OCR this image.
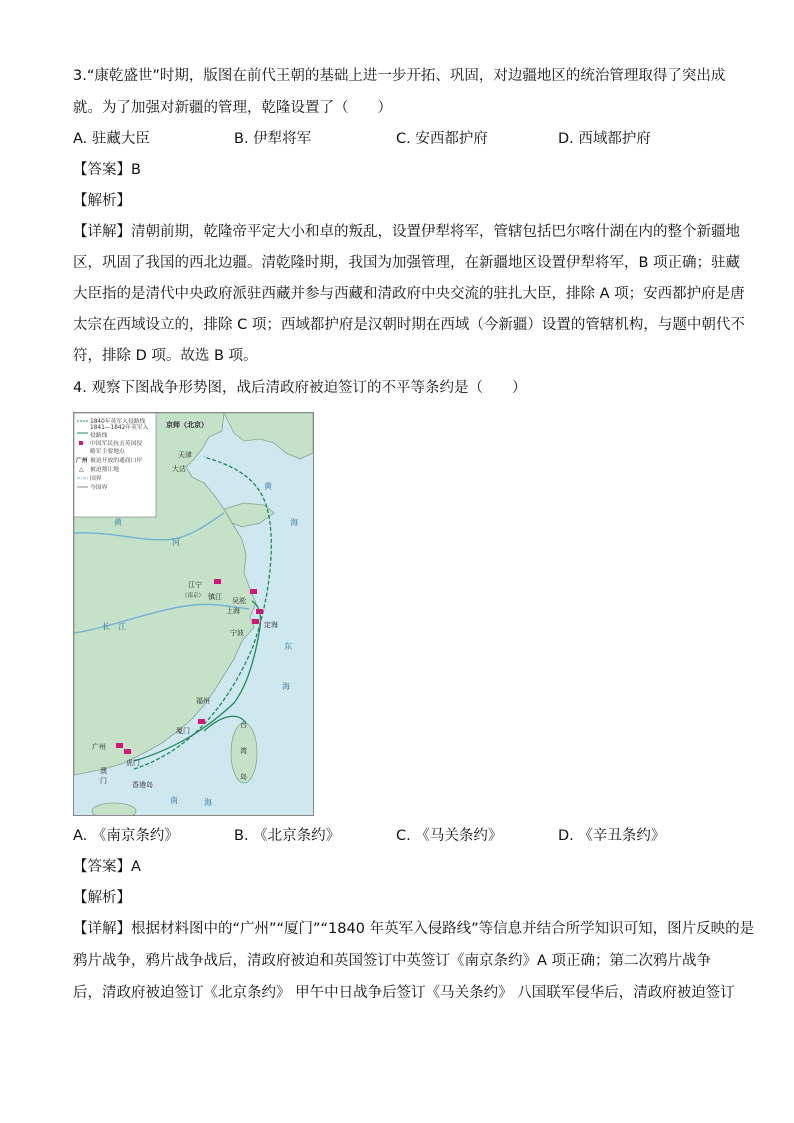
3.“康乾盛世”时期，版图在前代王朝的基础上进一步开拓、巩固，对边疆地区的统治管理取得了突出成
就。为了加强对新疆的管理，乾隆设置了（　　）
A. 驻藏大臣	B. 伊犁将军	C. 安西都护府	D. 西域都护府
【答案】B
【解析】
【详解】清朝前期，乾隆帝平定大小和卓的叛乱，设置伊犁将军，管辖包括巴尔喀什湖在内的整个新疆地
区，巩固了我国的西北边疆。清乾隆时期，我国为加强管理，在新疆地区设置伊犁将军，B 项正确；驻藏
大臣指的是清代中央政府派驻西藏并参与西藏和清政府中央交流的驻扎大臣，排除 A 项；安西都护府是唐
太宗在西域设立的，排除 C 项；西域都护府是汉朝时期在西域（今新疆）设置的管辖机构，与题中朝代不
符，排除 D 项。故选 B 项。
4. 观察下图战争形势图，战后清政府被迫签订的不平等条约是（　　）
1840年英军入侵路线
1841—1842年英军入
侵路线
中国军民抗击英国侵
略军主要地点
广州 被迫开放的通商口岸
△ 被迫割让地
国界
今国界
京师（北京）
天津
大沽
江宁
（南京） 镇江 吴淞
上海
宁波
定海
福州
厦门
广州
虎门
澳
门	香港岛
台
湾
岛
黄
河
黄
海
长　江
东
海
南	海
A. 《南京条约》	B. 《北京条约》	C. 《马关条约》	D. 《辛丑条约》
【答案】A
【解析】
【详解】根据材料图中的“广州”“厦门”“1840 年英军入侵路线”等信息并结合所学知识可知，图片反映的是
鸦片战争，鸦片战争战后，清政府被迫和英国签订中英签订《南京条约》A 项正确；第二次鸦片战争
后，清政府被迫签订《北京条约》 甲午中日战争后签订《马关条约》 八国联军侵华后，清政府被迫签订
